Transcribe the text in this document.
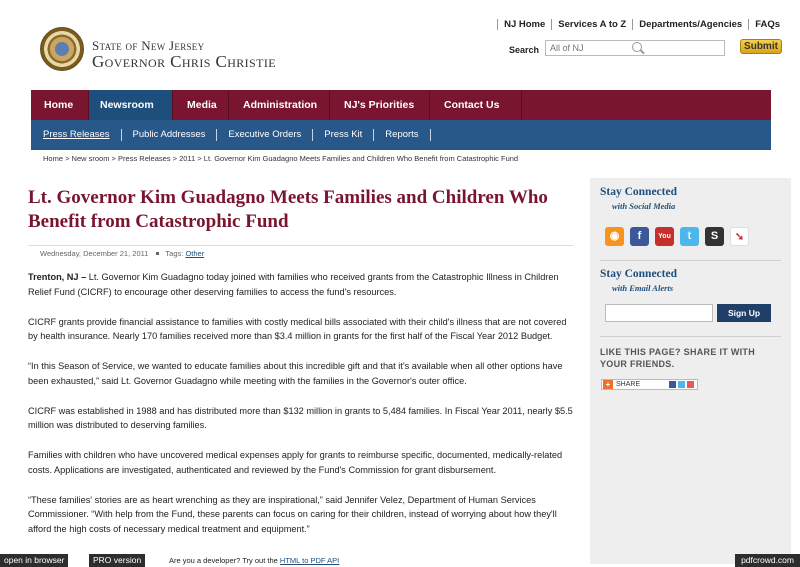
NJ Home	Services A to Z	Departments/Agencies	FAQs
State of New Jersey
Governor Chris Christie
Search
All of NJ	Submit
Home	Newsroom	Media	Administration	NJ's Priorities	Contact Us
Press Releases	Public Addresses	Executive Orders	Press Kit	Reports
Home > New sroom > Press Releases > 2011 > Lt. Governor Kim Guadagno Meets Families and Children Who Benefit from Catastrophic Fund
Lt. Governor Kim Guadagno Meets Families and Children Who Benefit from Catastrophic Fund
Wednesday, December 21, 2011 Tags: Other

Trenton, NJ – Lt. Governor Kim Guadagno today joined with families who received grants from the Catastrophic Illness in Children Relief Fund (CICRF) to encourage other deserving families to access the fund's resources.

CICRF grants provide financial assistance to families with costly medical bills associated with their child's illness that are not covered by health insurance. Nearly 170 families received more than $3.4 million in grants for the first half of the Fiscal Year 2012 Budget.

“In this Season of Service, we wanted to educate families about this incredible gift and that it's available when all other options have been exhausted,” said Lt. Governor Guadagno while meeting with the families in the Governor's outer office.

CICRF was established in 1988 and has distributed more than $132 million in grants to 5,484 families. In Fiscal Year 2011, nearly $5.5 million was distributed to deserving families.

Families with children who have uncovered medical expenses apply for grants to reimburse specific, documented, medically-related costs. Applications are investigated, authenticated and reviewed by the Fund's Commission for grant disbursement.

“These families' stories are as heart wrenching as they are inspirational,” said Jennifer Velez, Department of Human Services Commissioner. “With help from the Fund, these parents can focus on caring for their children, instead of worrying about how they'll afford the high costs of necessary medical treatment and equipment.”

Stay Connected
with Social Media
◉	f	You	t	S	➘
Stay Connected
with Email Alerts
Sign Up
LIKE THIS PAGE? SHARE IT WITH YOUR FRIENDS.
+ SHARE
open in browser	PRO version	Are you a developer? Try out the HTML to PDF API	pdfcrowd.com
